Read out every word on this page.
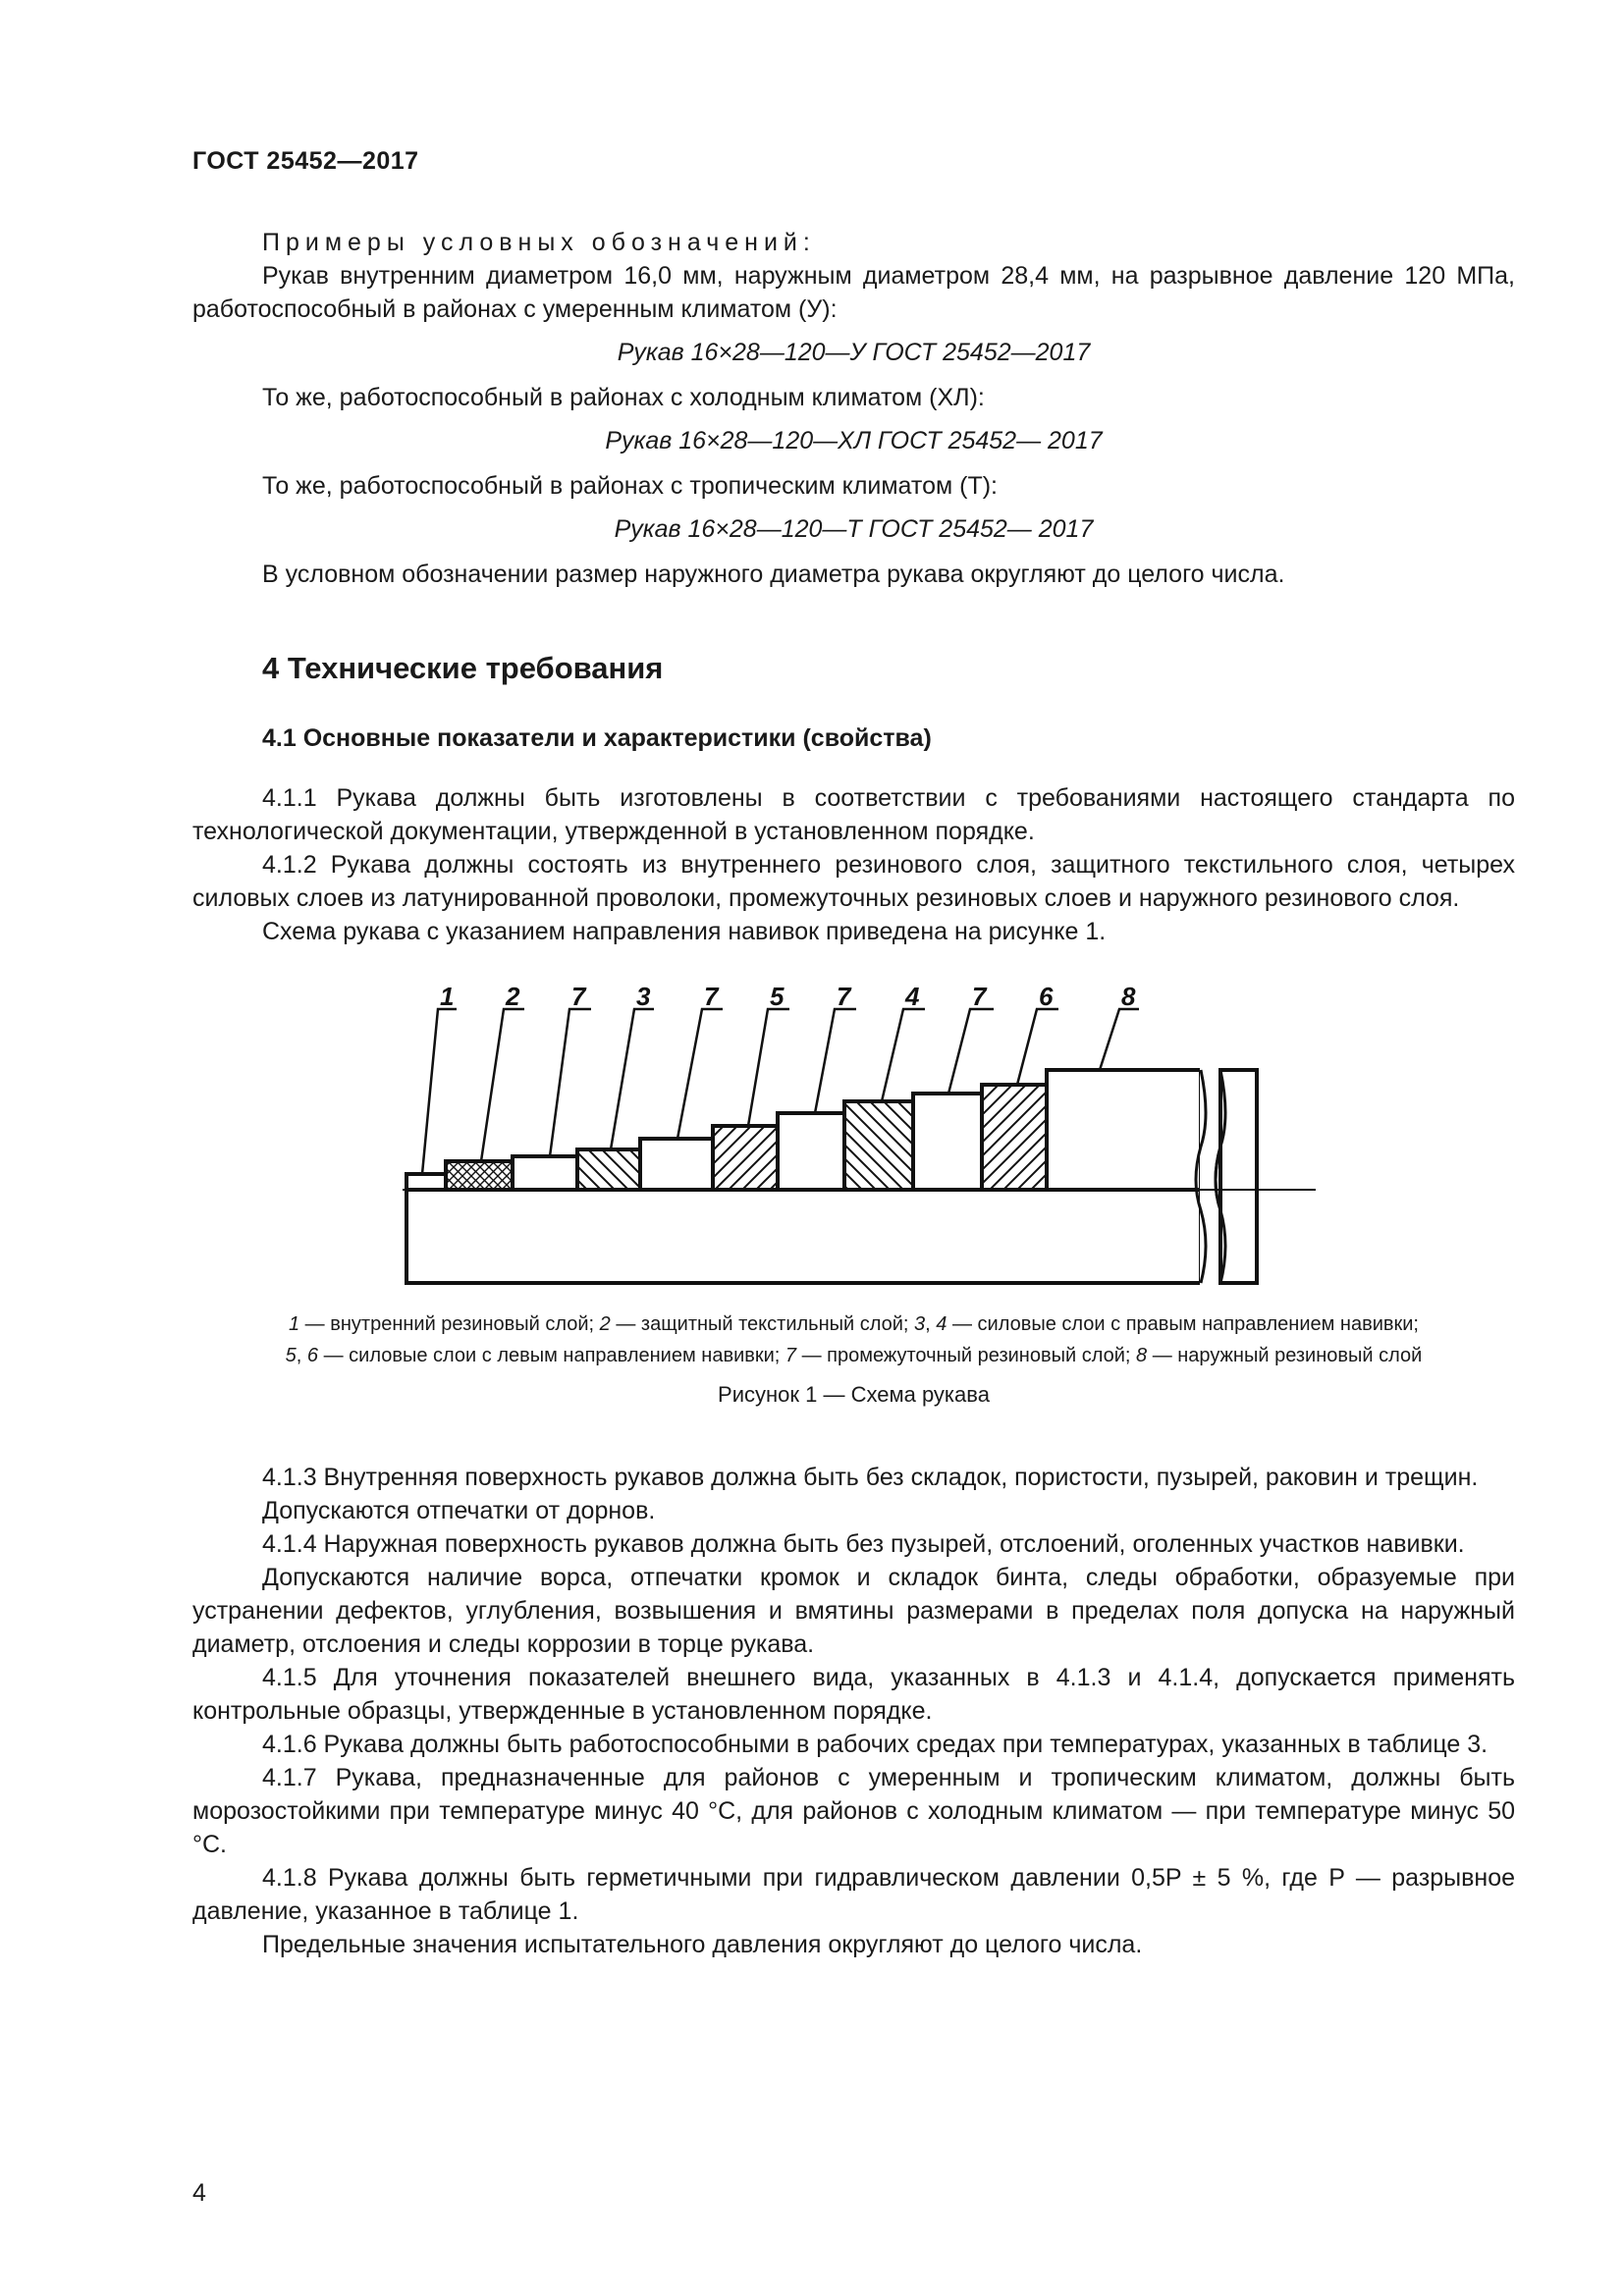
ГОСТ 25452—2017

Примеры условных обозначений:

Рукав внутренним диаметром 16,0 мм, наружным диаметром 28,4 мм, на разрывное давление 120 МПа, работоспособный в районах с умеренным климатом (У):

Рукав 16×28—120—У ГОСТ 25452—2017

То же, работоспособный в районах с холодным климатом (ХЛ):

Рукав 16×28—120—ХЛ ГОСТ 25452— 2017

То же, работоспособный в районах с тропическим климатом (Т):

Рукав 16×28—120—Т ГОСТ 25452— 2017

В условном обозначении размер наружного диаметра рукава округляют до целого числа.

4 Технические требования
4.1 Основные показатели и характеристики (свойства)

4.1.1 Рукава должны быть изготовлены в соответствии с требованиями настоящего стандарта по технологической документации, утвержденной в установленном порядке.

4.1.2 Рукава должны состоять из внутреннего резинового слоя, защитного текстильного слоя, четырех силовых слоев из латунированной проволоки, промежуточных резиновых слоев и наружного резинового слоя.

Схема рукава с указанием направления навивок приведена на рисунке 1.

1 2 7 3 7 5 7 4 7 6	8
1 — внутренний резиновый слой; 2 — защитный текстильный слой; 3, 4 — силовые слои с правым направлением навивки;
5, 6 — силовые слои с левым направлением навивки; 7 — промежуточный резиновый слой; 8 — наружный резиновый слой
Рисунок 1 — Схема рукава

4.1.3 Внутренняя поверхность рукавов должна быть без складок, пористости, пузырей, раковин и трещин.

Допускаются отпечатки от дорнов.

4.1.4 Наружная поверхность рукавов должна быть без пузырей, отслоений, оголенных участков навивки.

Допускаются наличие ворса, отпечатки кромок и складок бинта, следы обработки, образуемые при устранении дефектов, углубления, возвышения и вмятины размерами в пределах поля допуска на наружный диаметр, отслоения и следы коррозии в торце рукава.

4.1.5 Для уточнения показателей внешнего вида, указанных в 4.1.3 и 4.1.4, допускается применять контрольные образцы, утвержденные в установленном порядке.

4.1.6 Рукава должны быть работоспособными в рабочих средах при температурах, указанных в таблице 3.

4.1.7 Рукава, предназначенные для районов с умеренным и тропическим климатом, должны быть морозостойкими при температуре минус 40 °C, для районов с холодным климатом — при температуре минус 50 °C.

4.1.8 Рукава должны быть герметичными при гидравлическом давлении 0,5P ± 5 %, где P — разрывное давление, указанное в таблице 1.

Предельные значения испытательного давления округляют до целого числа.

4
